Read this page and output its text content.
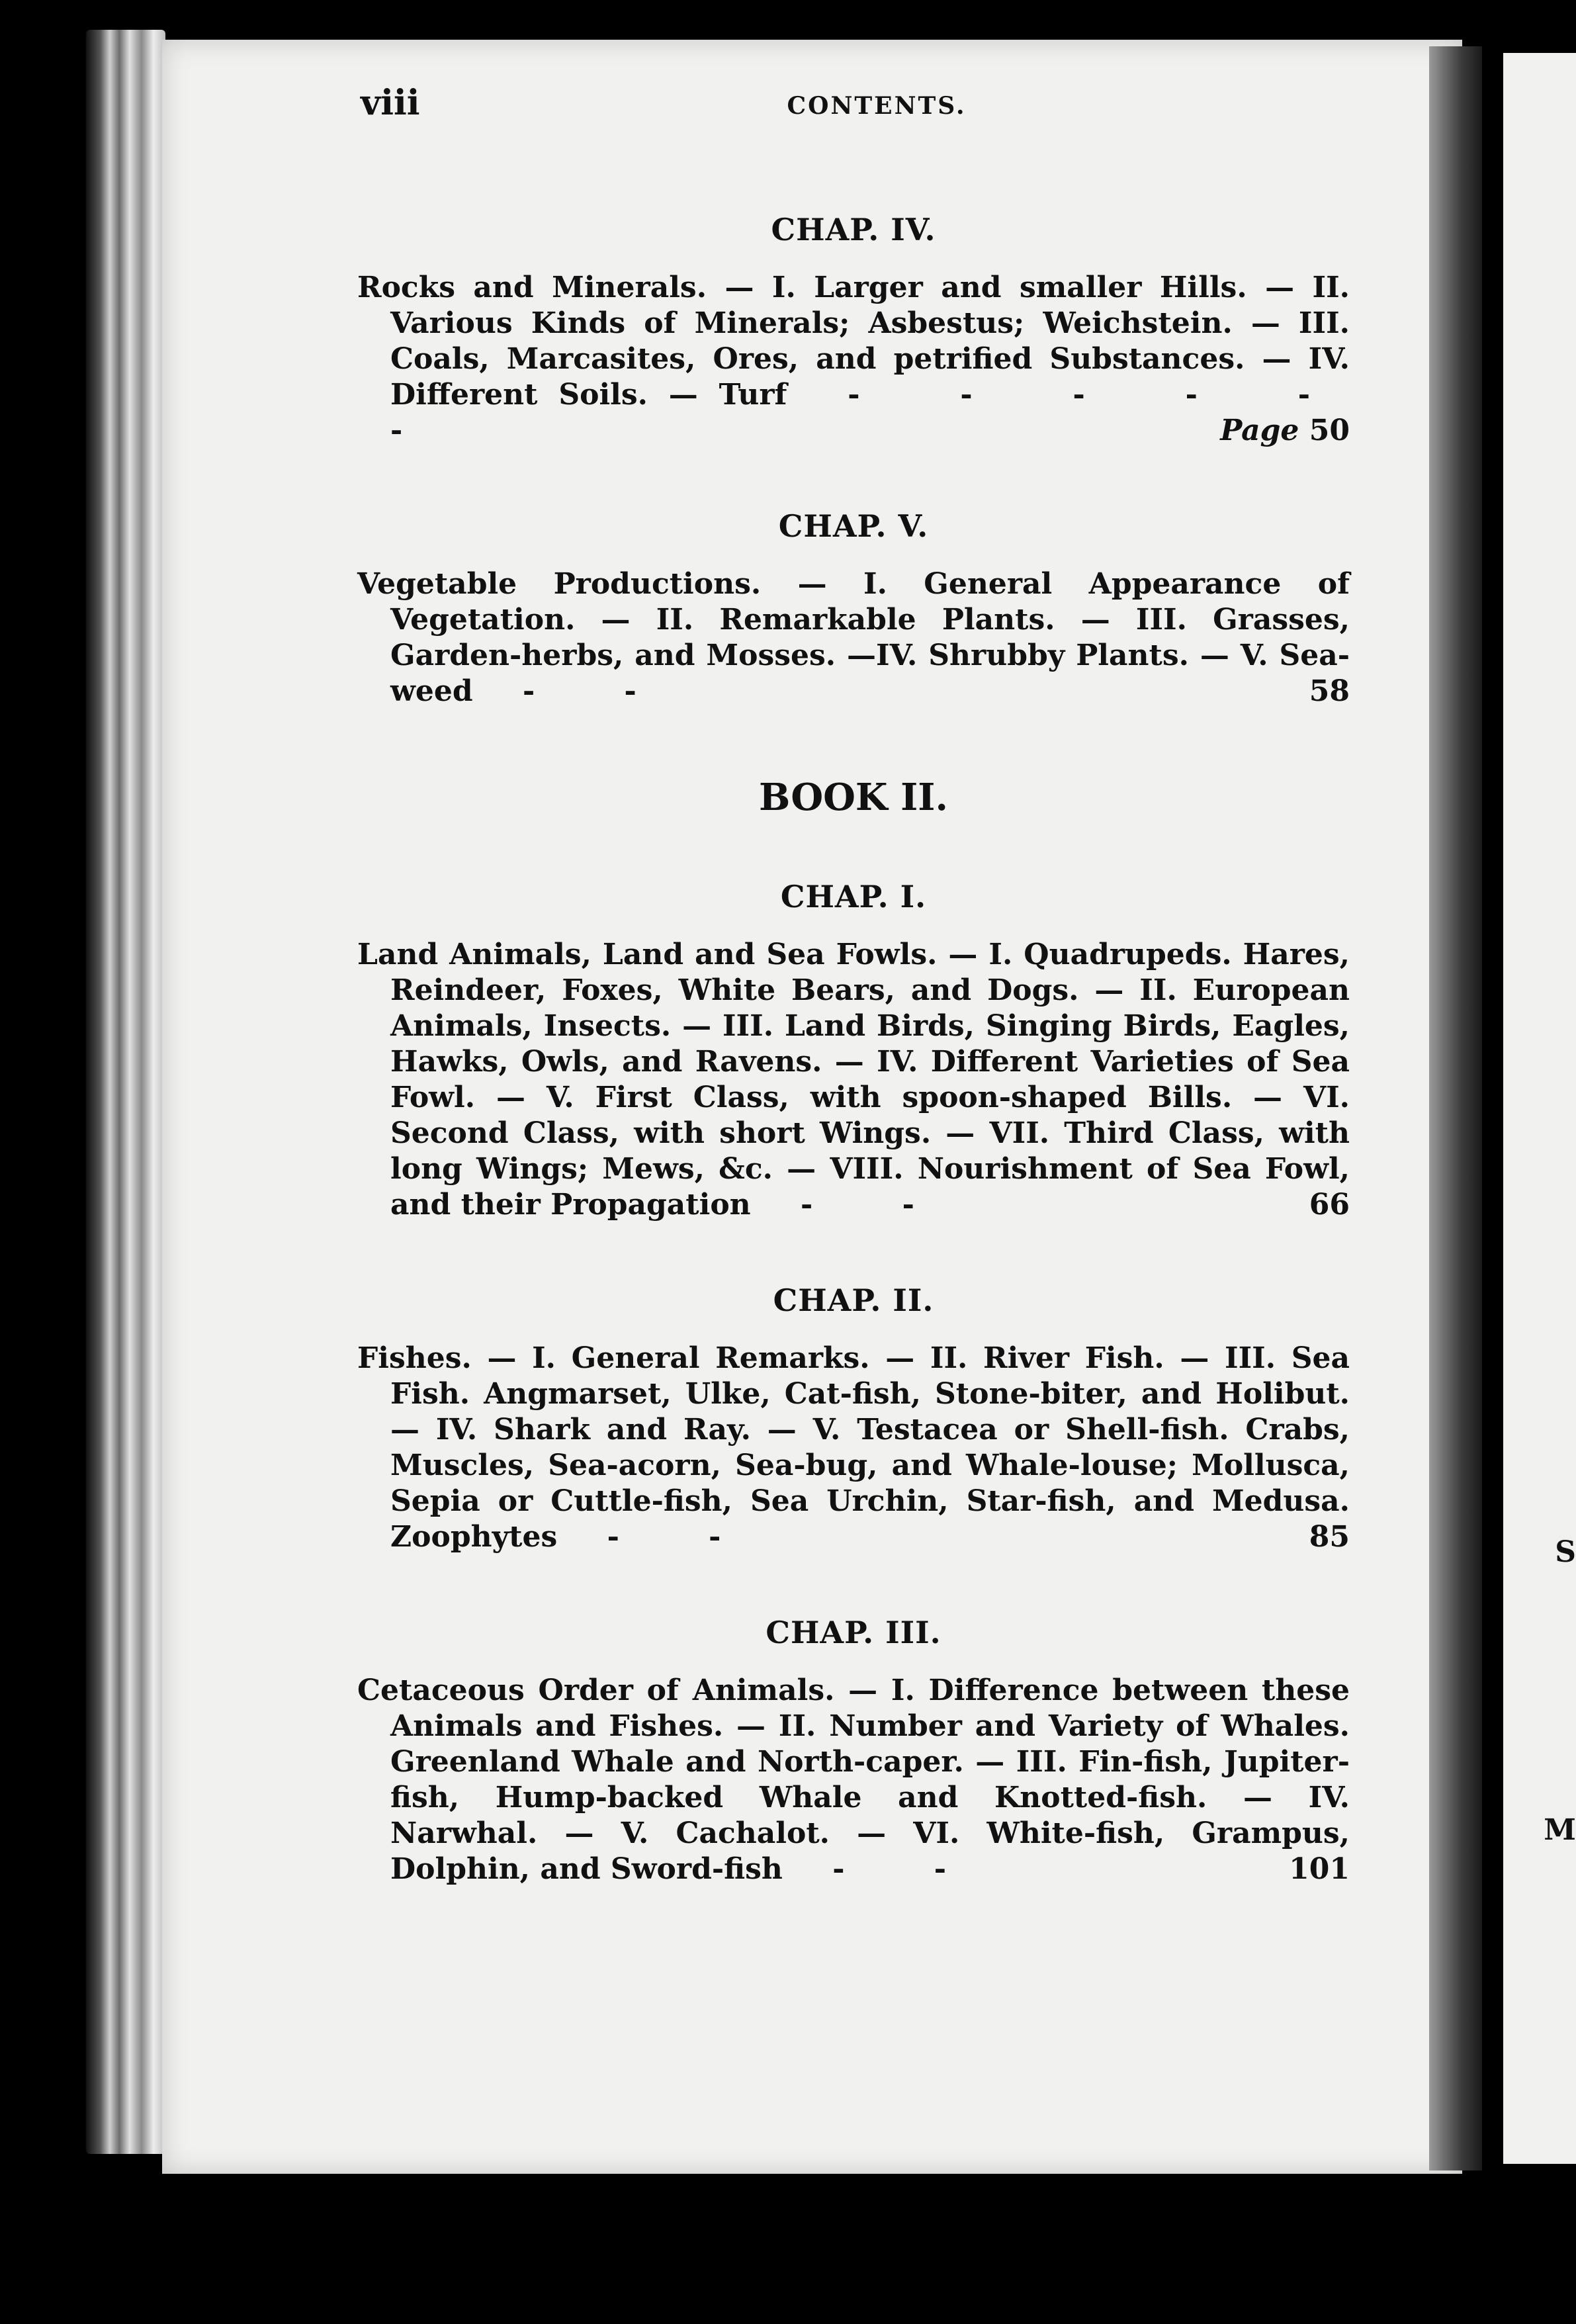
S
M
viii	CONTENTS.
CHAP. IV.
Rocks and Minerals. — I. Larger and smaller Hills. — II. Various Kinds of Minerals; Asbestus; Weichstein. — III. Coals, Marcasites, Ores, and petrified Substances. — IV. Different Soils. — Turf - - - - - -	Page 50
CHAP. V.
Vegetable Productions. — I. General Appearance of Vegetation. — II. Remarkable Plants. — III. Grasses, Garden-herbs, and Mosses. —IV. Shrubby Plants. — V. Sea-weed - -	58
BOOK II.
CHAP. I.
Land Animals, Land and Sea Fowls. — I. Quadrupeds. Hares, Reindeer, Foxes, White Bears, and Dogs. — II. European Animals, Insects. — III. Land Birds, Singing Birds, Eagles, Hawks, Owls, and Ravens. — IV. Different Varieties of Sea Fowl. — V. First Class, with spoon-shaped Bills. — VI. Second Class, with short Wings. — VII. Third Class, with long Wings; Mews, &c. — VIII. Nourishment of Sea Fowl, and their Propagation - -	66
CHAP. II.
Fishes. — I. General Remarks. — II. River Fish. — III. Sea Fish. Angmarset, Ulke, Cat-fish, Stone-biter, and Holibut. — IV. Shark and Ray. — V. Testacea or Shell-fish. Crabs, Muscles, Sea-acorn, Sea-bug, and Whale-louse; Mollusca, Sepia or Cuttle-fish, Sea Urchin, Star-fish, and Medusa. Zoophytes - -	85
CHAP. III.
Cetaceous Order of Animals. — I. Difference between these Animals and Fishes. — II. Number and Variety of Whales. Greenland Whale and North-caper. — III. Fin-fish, Jupiter-fish, Hump-backed Whale and Knotted-fish. — IV. Narwhal. — V. Cachalot. — VI. White-fish, Grampus, Dolphin, and Sword-fish - -	101
